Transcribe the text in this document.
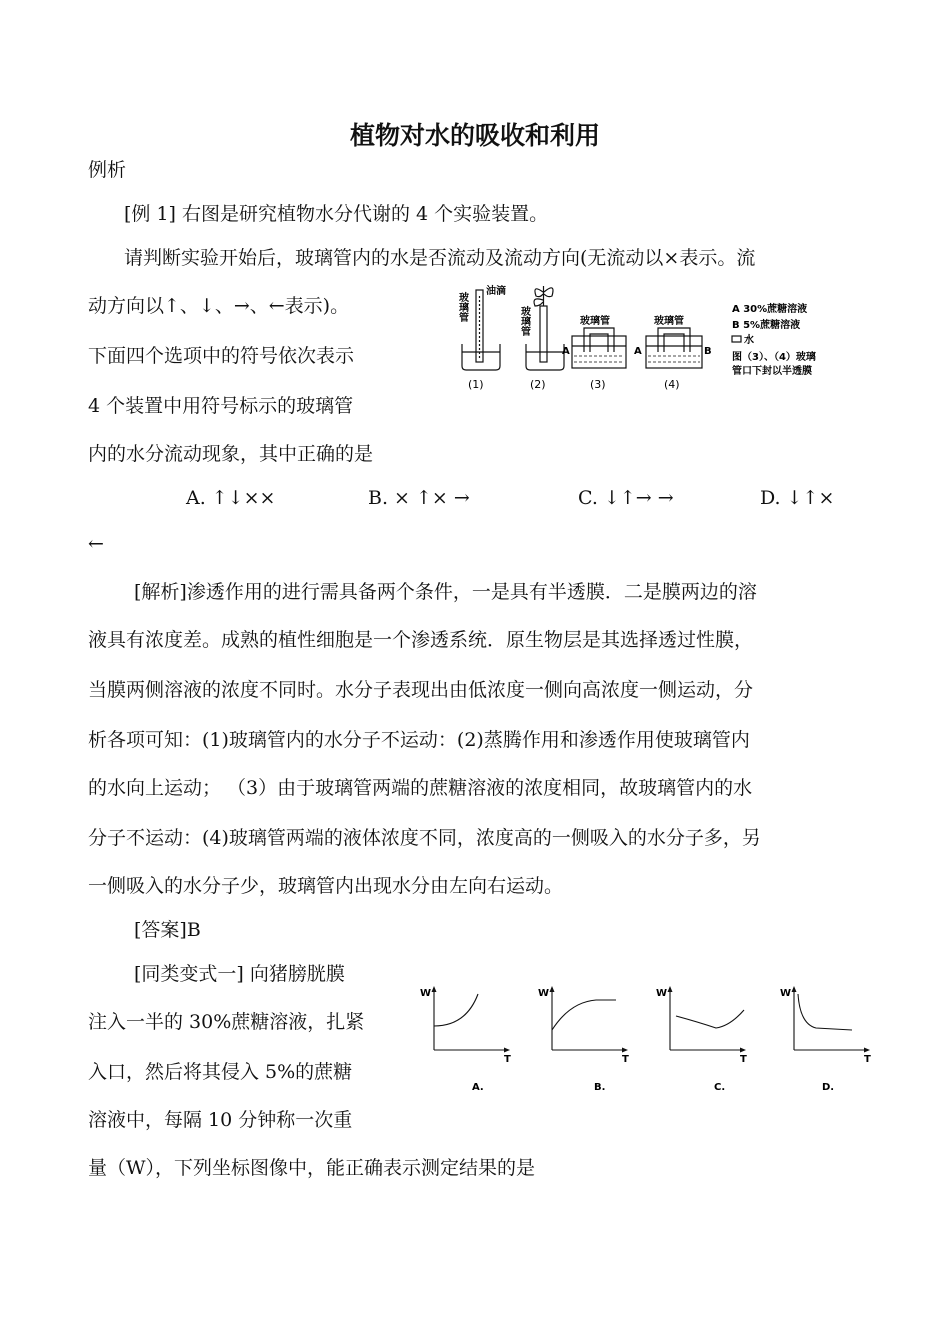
植物对水的吸收和利用
例析
[例 1] 右图是研究植物水分代谢的 4 个实验装置。
请判断实验开始后，玻璃管内的水是否流动及流动方向(无流动以×表示。流
动方向以↑、↓、→、←表示)。
下面四个选项中的符号依次表示
4 个装置中用符号标示的玻璃管
内的水分流动现象，其中正确的是
A. ↑↓××	B. × ↑× →	C. ↓↑→ →	D. ↓↑×
←
玻璃管
油滴
玻璃管	玻璃管	玻璃管
A	A	B
(1)	(2)	(3)	(4)
A 30%蔗糖溶液
B 5%蔗糖溶液
水
图（3）、（4）玻璃
管口下封以半透膜
[解析]渗透作用的进行需具备两个条件，一是具有半透膜．二是膜两边的溶
液具有浓度差。成熟的植性细胞是一个渗透系统．原生物层是其选择透过性膜，
当膜两侧溶液的浓度不同时。水分子表现出由低浓度一侧向高浓度一侧运动，分
析各项可知：(1)玻璃管内的水分子不运动：(2)蒸腾作用和渗透作用使玻璃管内
的水向上运动； （3）由于玻璃管两端的蔗糖溶液的浓度相同，故玻璃管内的水
分子不运动：(4)玻璃管两端的液体浓度不同，浓度高的一侧吸入的水分子多，另
一侧吸入的水分子少，玻璃管内出现水分由左向右运动。
[答案]B
[同类变式一] 向猪膀胱膜
注入一半的 30%蔗糖溶液，扎紧
入口，然后将其侵入 5%的蔗糖
溶液中，每隔 10 分钟称一次重
量（W），下列坐标图像中，能正确表示测定结果的是
W
T
W
T
W
T
W
T
A.	B.	C.	D.
